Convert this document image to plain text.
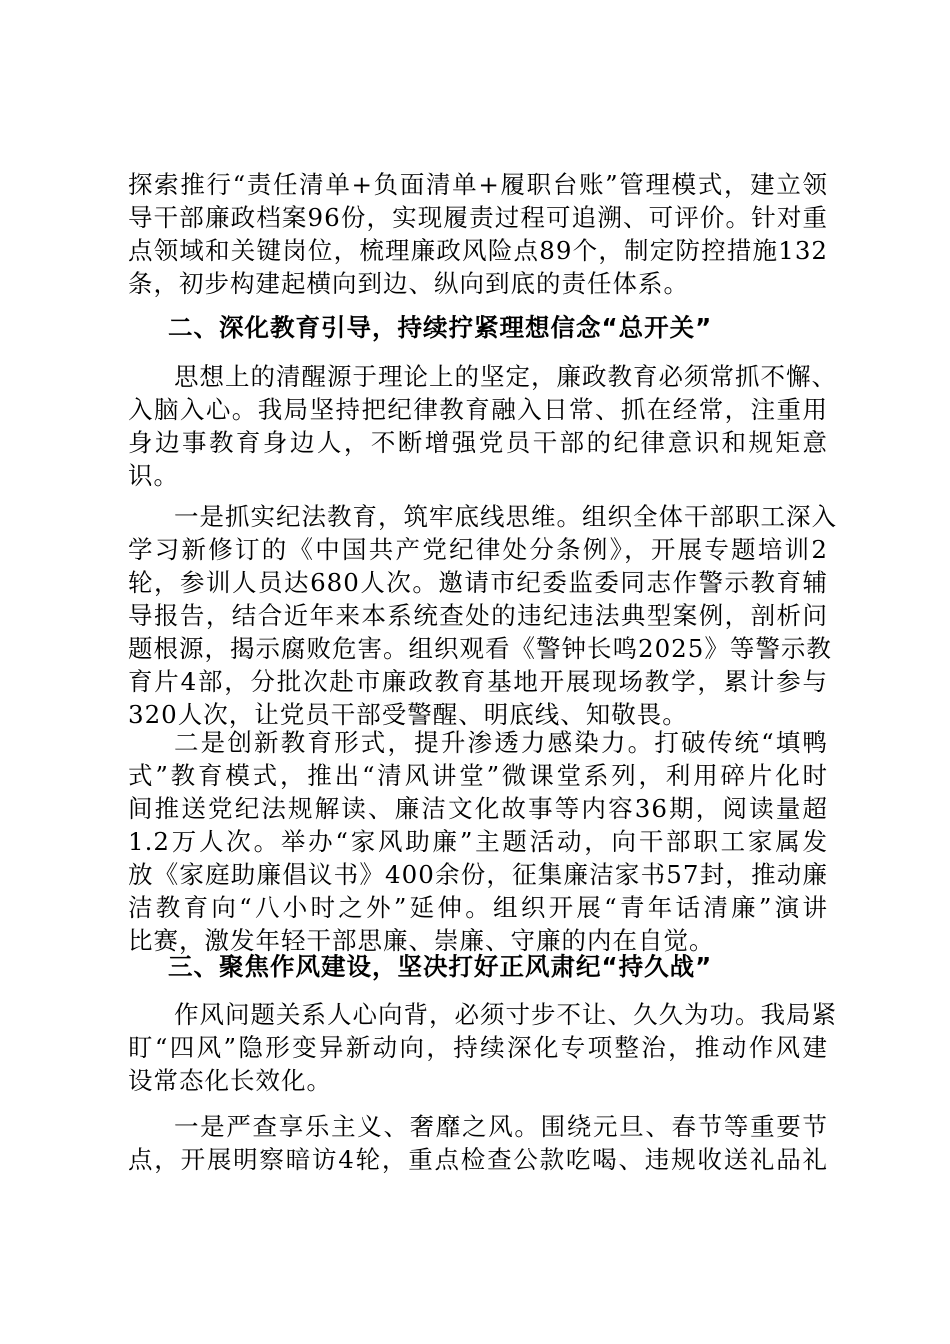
探索推行“责任清单+负面清单+履职台账”管理模式，建立领
导干部廉政档案96份，实现履责过程可追溯、可评价。针对重
点领域和关键岗位，梳理廉政风险点89个，制定防控措施132
条，初步构建起横向到边、纵向到底的责任体系。
二、深化教育引导，持续拧紧理想信念“总开关”
思想上的清醒源于理论上的坚定，廉政教育必须常抓不懈、
入脑入心。我局坚持把纪律教育融入日常、抓在经常，注重用
身边事教育身边人，不断增强党员干部的纪律意识和规矩意
识。
一是抓实纪法教育，筑牢底线思维。组织全体干部职工深入
学习新修订的《中国共产党纪律处分条例》，开展专题培训2
轮，参训人员达680人次。邀请市纪委监委同志作警示教育辅
导报告，结合近年来本系统查处的违纪违法典型案例，剖析问
题根源，揭示腐败危害。组织观看《警钟长鸣2025》等警示教
育片4部，分批次赴市廉政教育基地开展现场教学，累计参与
320人次，让党员干部受警醒、明底线、知敬畏。
二是创新教育形式，提升渗透力感染力。打破传统“填鸭
式”教育模式，推出“清风讲堂”微课堂系列，利用碎片化时
间推送党纪法规解读、廉洁文化故事等内容36期，阅读量超
1.2万人次。举办“家风助廉”主题活动，向干部职工家属发
放《家庭助廉倡议书》400余份，征集廉洁家书57封，推动廉
洁教育向“八小时之外”延伸。组织开展“青年话清廉”演讲
比赛，激发年轻干部思廉、崇廉、守廉的内在自觉。
三、聚焦作风建设，坚决打好正风肃纪“持久战”
作风问题关系人心向背，必须寸步不让、久久为功。我局紧
盯“四风”隐形变异新动向，持续深化专项整治，推动作风建
设常态化长效化。
一是严查享乐主义、奢靡之风。围绕元旦、春节等重要节
点，开展明察暗访4轮，重点检查公款吃喝、违规收送礼品礼
